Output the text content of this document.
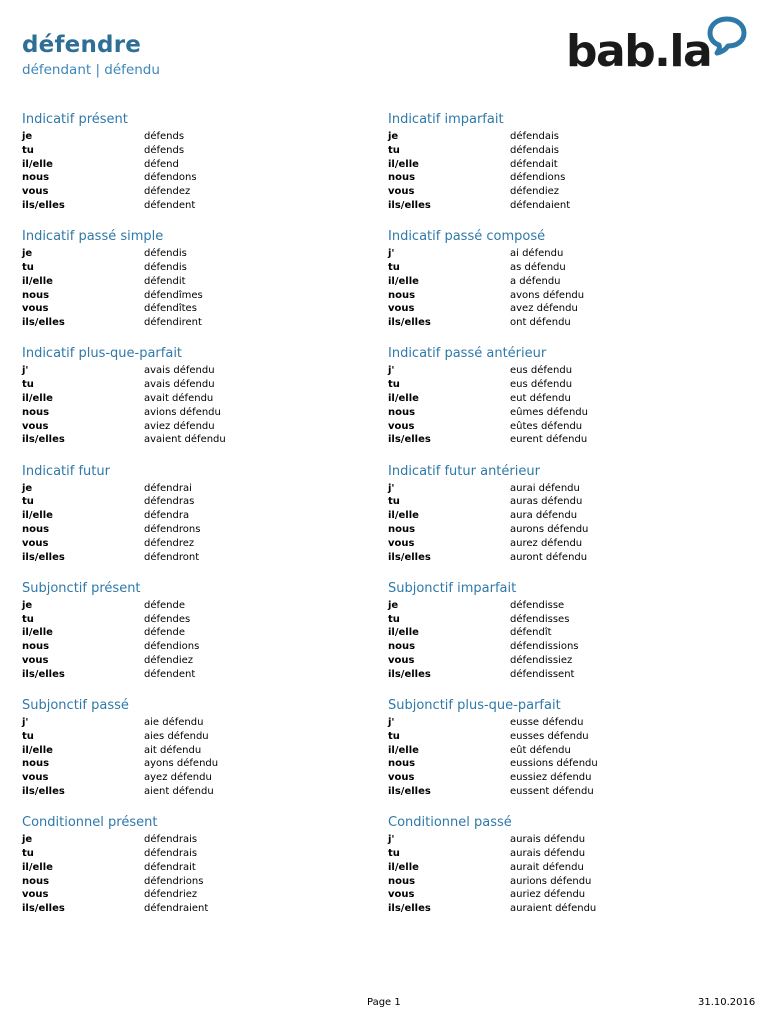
défendre
défendant | défendu	bab.la
Indicatif présent
je	défends
tu	défends
il/elle	défend
nous	défendons
vous	défendez
ils/elles	défendent
Indicatif imparfait
je	défendais
tu	défendais
il/elle	défendait
nous	défendions
vous	défendiez
ils/elles	défendaient
Indicatif passé simple
je	défendis
tu	défendis
il/elle	défendit
nous	défendîmes
vous	défendîtes
ils/elles	défendirent
Indicatif passé composé
j'	ai défendu
tu	as défendu
il/elle	a défendu
nous	avons défendu
vous	avez défendu
ils/elles	ont défendu
Indicatif plus-que-parfait
j'	avais défendu
tu	avais défendu
il/elle	avait défendu
nous	avions défendu
vous	aviez défendu
ils/elles	avaient défendu
Indicatif passé antérieur
j'	eus défendu
tu	eus défendu
il/elle	eut défendu
nous	eûmes défendu
vous	eûtes défendu
ils/elles	eurent défendu
Indicatif futur
je	défendrai
tu	défendras
il/elle	défendra
nous	défendrons
vous	défendrez
ils/elles	défendront
Indicatif futur antérieur
j'	aurai défendu
tu	auras défendu
il/elle	aura défendu
nous	aurons défendu
vous	aurez défendu
ils/elles	auront défendu
Subjonctif présent
je	défende
tu	défendes
il/elle	défende
nous	défendions
vous	défendiez
ils/elles	défendent
Subjonctif imparfait
je	défendisse
tu	défendisses
il/elle	défendît
nous	défendissions
vous	défendissiez
ils/elles	défendissent
Subjonctif passé
j'	aie défendu
tu	aies défendu
il/elle	ait défendu
nous	ayons défendu
vous	ayez défendu
ils/elles	aient défendu
Subjonctif plus-que-parfait
j'	eusse défendu
tu	eusses défendu
il/elle	eût défendu
nous	eussions défendu
vous	eussiez défendu
ils/elles	eussent défendu
Conditionnel présent
je	défendrais
tu	défendrais
il/elle	défendrait
nous	défendrions
vous	défendriez
ils/elles	défendraient
Conditionnel passé
j'	aurais défendu
tu	aurais défendu
il/elle	aurait défendu
nous	aurions défendu
vous	auriez défendu
ils/elles	auraient défendu
Page 1	31.10.2016
